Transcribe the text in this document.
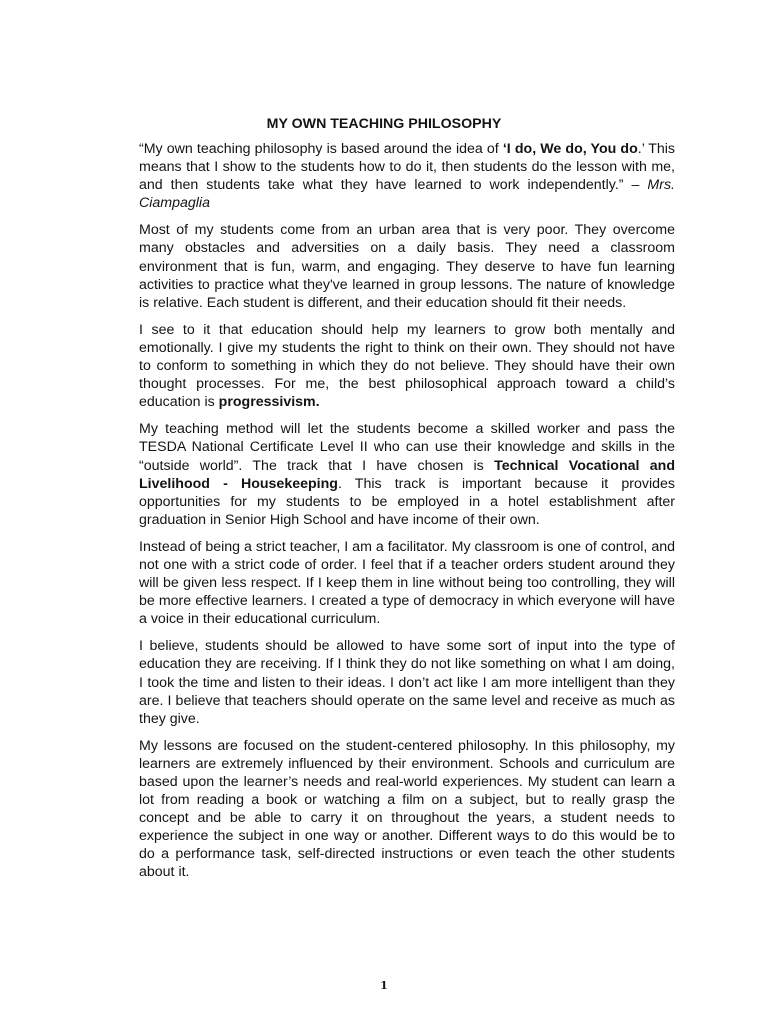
MY OWN TEACHING PHILOSOPHY

“My own teaching philosophy is based around the idea of ‘I do, We do, You do.’ This means that I show to the students how to do it, then students do the lesson with me, and then students take what they have learned to work independently.” – Mrs. Ciampaglia

Most of my students come from an urban area that is very poor. They overcome many obstacles and adversities on a daily basis. They need a classroom environment that is fun, warm, and engaging. They deserve to have fun learning activities to practice what they've learned in group lessons. The nature of knowledge is relative. Each student is different, and their education should fit their needs.

I see to it that education should help my learners to grow both mentally and emotionally. I give my students the right to think on their own. They should not have to conform to something in which they do not believe. They should have their own thought processes. For me, the best philosophical approach toward a child’s education is progressivism.

My teaching method will let the students become a skilled worker and pass the TESDA National Certificate Level II who can use their knowledge and skills in the “outside world”. The track that I have chosen is Technical Vocational and Livelihood - Housekeeping. This track is important because it provides opportunities for my students to be employed in a hotel establishment after graduation in Senior High School and have income of their own.

Instead of being a strict teacher, I am a facilitator. My classroom is one of control, and not one with a strict code of order. I feel that if a teacher orders student around they will be given less respect. If I keep them in line without being too controlling, they will be more effective learners. I created a type of democracy in which everyone will have a voice in their educational curriculum.

I believe, students should be allowed to have some sort of input into the type of education they are receiving. If I think they do not like something on what I am doing, I took the time and listen to their ideas. I don’t act like I am more intelligent than they are. I believe that teachers should operate on the same level and receive as much as they give.

My lessons are focused on the student-centered philosophy. In this philosophy, my learners are extremely influenced by their environment. Schools and curriculum are based upon the learner’s needs and real-world experiences. My student can learn a lot from reading a book or watching a film on a subject, but to really grasp the concept and be able to carry it on throughout the years, a student needs to experience the subject in one way or another. Different ways to do this would be to do a performance task, self-directed instructions or even teach the other students about it.

1
